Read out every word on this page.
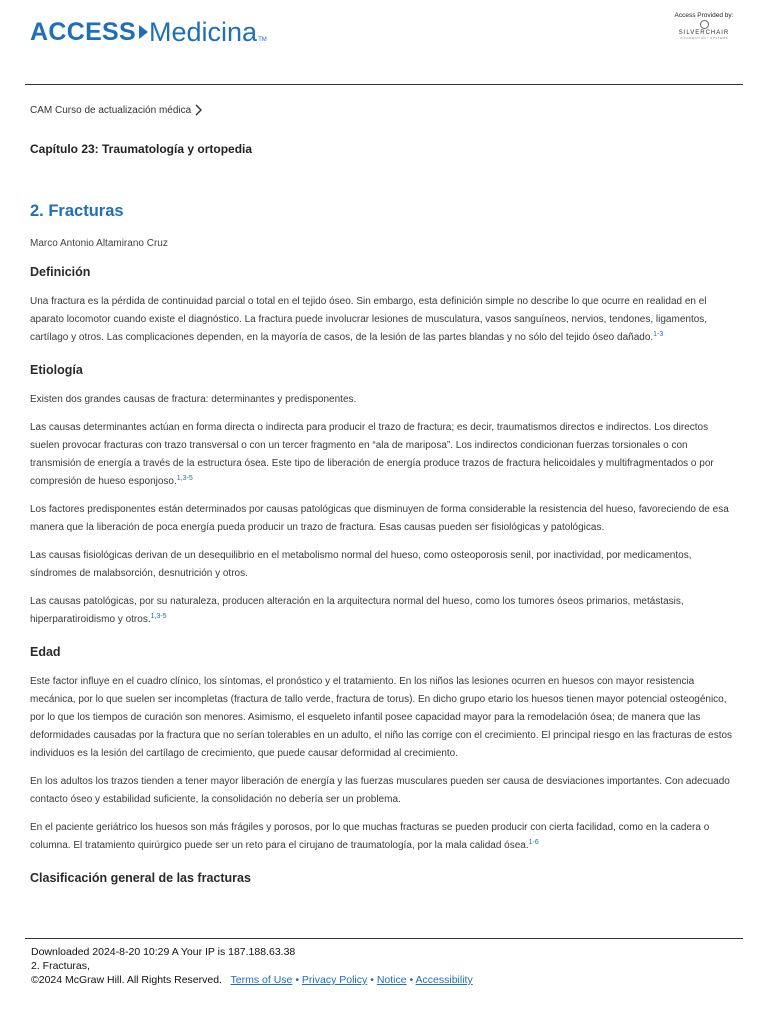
ACCESS Medicina TM
Access Provided by:
SILVERCHAIR
INFORMATION / SYSTEMS
CAM Curso de actualización médica
Capítulo 23: Traumatología y ortopedia
2. Fracturas
Marco Antonio Altamirano Cruz
Definición

Una fractura es la pérdida de continuidad parcial o total en el tejido óseo. Sin embargo, esta definición simple no describe lo que ocurre en realidad en el aparato locomotor cuando existe el diagnóstico. La fractura puede involucrar lesiones de musculatura, vasos sanguíneos, nervios, tendones, ligamentos, cartílago y otros. Las complicaciones dependen, en la mayoría de casos, de la lesión de las partes blandas y no sólo del tejido óseo dañado.$^{1-3}$

Etiología

Existen dos grandes causas de fractura: determinantes y predisponentes.

Las causas determinantes actúan en forma directa o indirecta para producir el trazo de fractura; es decir, traumatismos directos e indirectos. Los directos suelen provocar fracturas con trazo transversal o con un tercer fragmento en “ala de mariposa”. Los indirectos condicionan fuerzas torsionales o con transmisión de energía a través de la estructura ósea. Este tipo de liberación de energía produce trazos de fractura helicoidales y multifragmentados o por compresión de hueso esponjoso.$^{1,3-5}$

Los factores predisponentes están determinados por causas patológicas que disminuyen de forma considerable la resistencia del hueso, favoreciendo de esa manera que la liberación de poca energía pueda producir un trazo de fractura. Esas causas pueden ser fisiológicas y patológicas.

Las causas fisiológicas derivan de un desequilibrio en el metabolismo normal del hueso, como osteoporosis senil, por inactividad, por medicamentos, síndromes de malabsorción, desnutrición y otros.

Las causas patológicas, por su naturaleza, producen alteración en la arquitectura normal del hueso, como los tumores óseos primarios, metástasis, hiperparatiroidismo y otros.$^{1,3-5}$

Edad

Este factor influye en el cuadro clínico, los síntomas, el pronóstico y el tratamiento. En los niños las lesiones ocurren en huesos con mayor resistencia mecánica, por lo que suelen ser incompletas (fractura de tallo verde, fractura de torus). En dicho grupo etario los huesos tienen mayor potencial osteogénico, por lo que los tiempos de curación son menores. Asimismo, el esqueleto infantil posee capacidad mayor para la remodelación ósea; de manera que las deformidades causadas por la fractura que no serían tolerables en un adulto, el niño las corrige con el crecimiento. El principal riesgo en las fracturas de estos individuos es la lesión del cartílago de crecimiento, que puede causar deformidad al crecimiento.

En los adultos los trazos tienden a tener mayor liberación de energía y las fuerzas musculares pueden ser causa de desviaciones importantes. Con adecuado contacto óseo y estabilidad suficiente, la consolidación no debería ser un problema.

En el paciente geriátrico los huesos son más frágiles y porosos, por lo que muchas fracturas se pueden producir con cierta facilidad, como en la cadera o columna. El tratamiento quirúrgico puede ser un reto para el cirujano de traumatología, por la mala calidad ósea.$^{1-6}$

Clasificación general de las fracturas
Downloaded 2024-8-20 10:29 A Your IP is 187.188.63.38
2. Fracturas,
©2024 McGraw Hill. All Rights Reserved. Terms of Use • Privacy Policy • Notice • Accessibility
